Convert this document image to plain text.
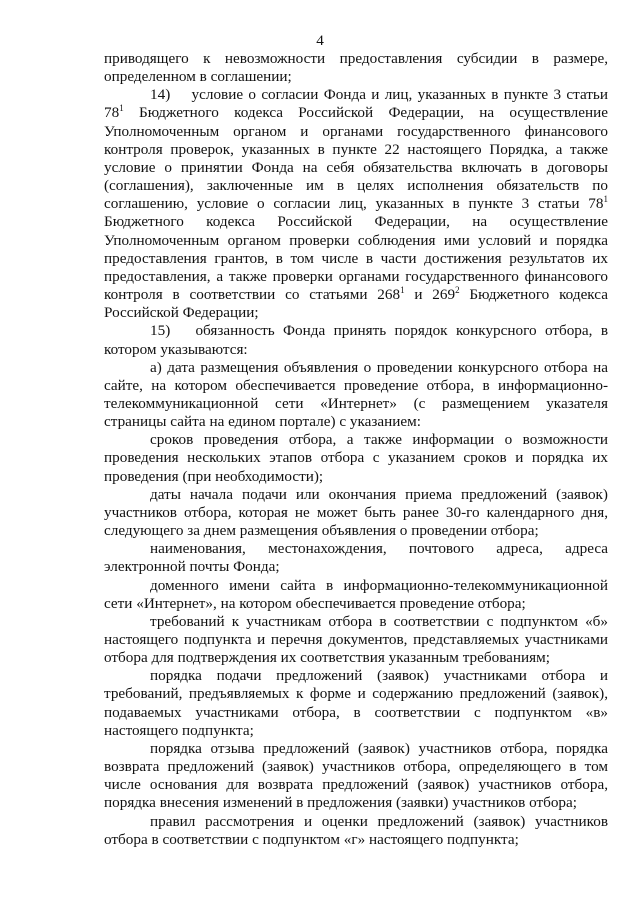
4

приводящего к невозможности предоставления субсидии в размере, определенном в соглашении;

14)    условие о согласии Фонда и лиц, указанных в пункте 3 статьи $78^1$ Бюджетного кодекса Российской Федерации, на осуществление Уполномоченным органом и органами государственного финансового контроля проверок, указанных в пункте 22 настоящего Порядка, а также условие о принятии Фонда на себя обязательства включать в договоры (соглашения), заключенные им в целях исполнения обязательств по соглашению, условие о согласии лиц, указанных в пункте 3 статьи $78^1$ Бюджетного кодекса Российской Федерации, на осуществление Уполномоченным органом проверки соблюдения ими условий и порядка предоставления грантов, в том числе в части достижения результатов их предоставления, а также проверки органами государственного финансового контроля в соответствии со статьями $268^1$ и $269^2$ Бюджетного кодекса Российской Федерации;

15)   обязанность Фонда принять порядок конкурсного отбора, в котором указываются:

а) дата размещения объявления о проведении конкурсного отбора на сайте, на котором обеспечивается проведение отбора, в информационно-телекоммуникационной сети «Интернет» (с размещением указателя страницы сайта на едином портале) с указанием:

сроков проведения отбора, а также информации о возможности проведения нескольких этапов отбора с указанием сроков и порядка их проведения (при необходимости);

даты начала подачи или окончания приема предложений (заявок) участников отбора, которая не может быть ранее 30-го календарного дня, следующего за днем размещения объявления о проведении отбора;

наименования, местонахождения, почтового адреса, адреса электронной почты Фонда;

доменного имени сайта в информационно-телекоммуникационной сети «Интернет», на котором обеспечивается проведение отбора;

требований к участникам отбора в соответствии с подпунктом «б» настоящего подпункта и перечня документов, представляемых участниками отбора для подтверждения их соответствия указанным требованиям;

порядка подачи предложений (заявок) участниками отбора и требований, предъявляемых к форме и содержанию предложений (заявок), подаваемых участниками отбора, в соответствии с подпунктом «в» настоящего подпункта;

порядка отзыва предложений (заявок) участников отбора, порядка возврата предложений (заявок) участников отбора, определяющего в том числе основания для возврата предложений (заявок) участников отбора, порядка внесения изменений в предложения (заявки) участников отбора;

правил рассмотрения и оценки предложений (заявок) участников отбора в соответствии с подпунктом «г» настоящего подпункта;
